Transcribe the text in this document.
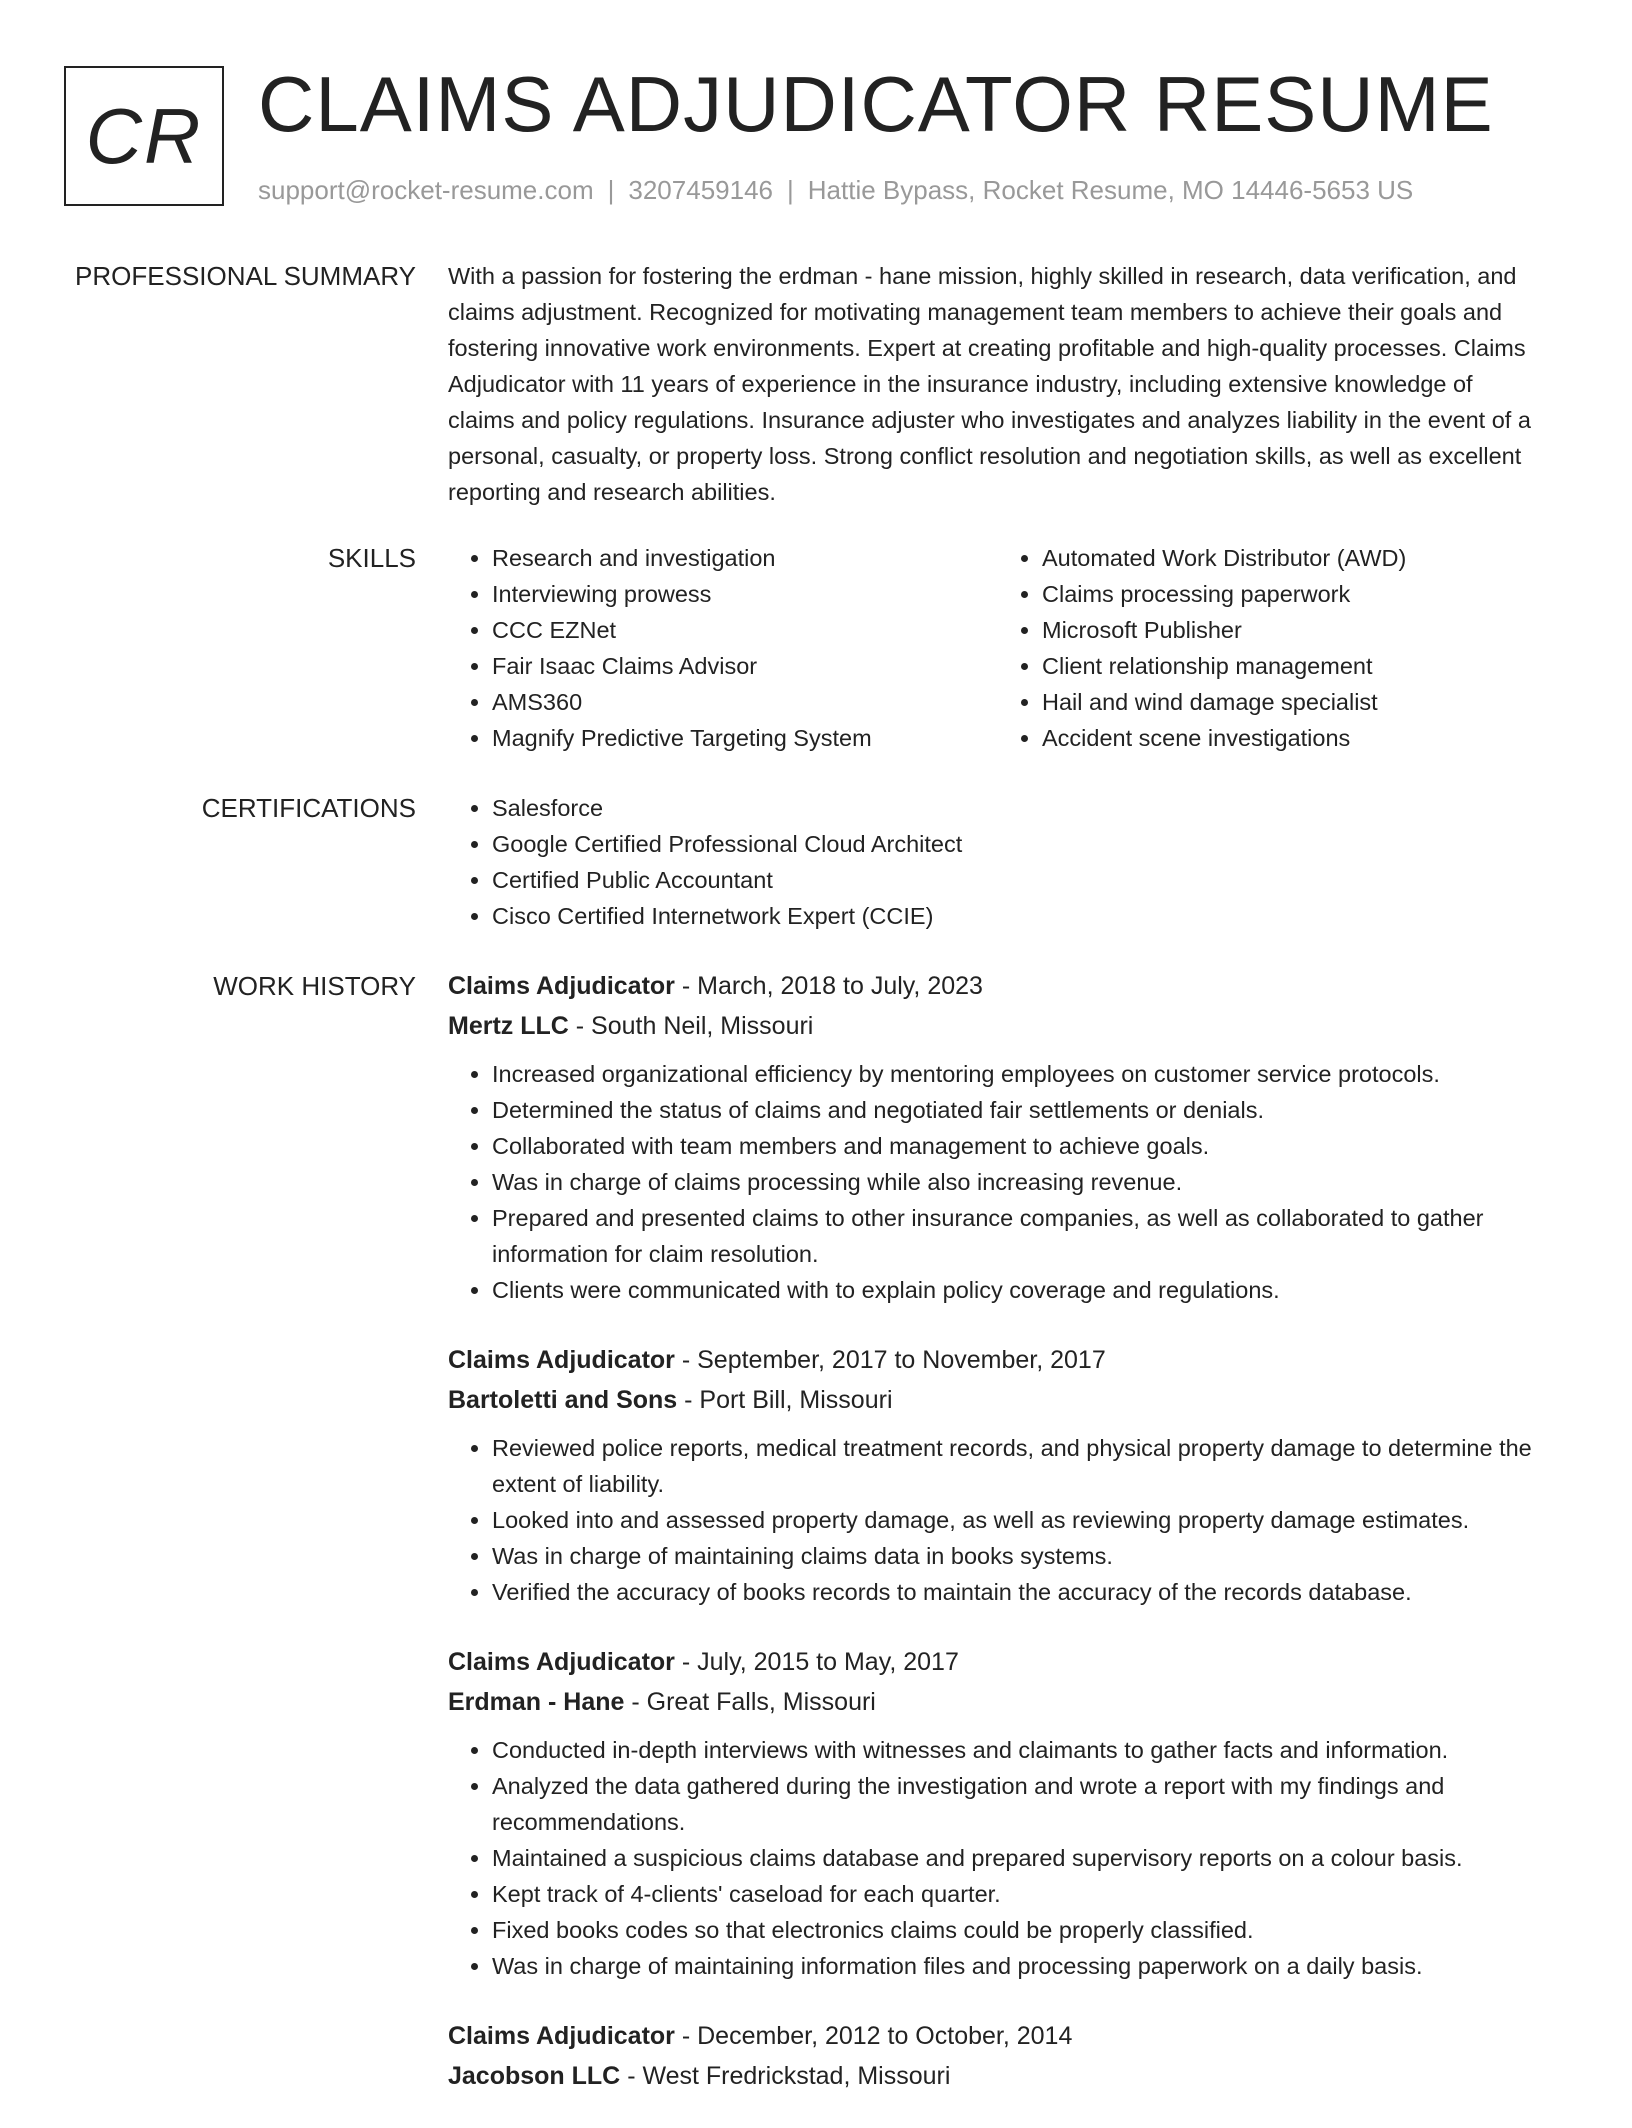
CR CLAIMS ADJUDICATOR RESUME
support@rocket-resume.com | 3207459146 | Hattie Bypass, Rocket Resume, MO 14446-5653 US
PROFESSIONAL SUMMARY With a passion for fostering the erdman - hane mission, highly skilled in research, data verification, and claims adjustment. Recognized for motivating management team members to achieve their goals and fostering innovative work environments. Expert at creating profitable and high-quality processes. Claims Adjudicator with 11 years of experience in the insurance industry, including extensive knowledge of claims and policy regulations. Insurance adjuster who investigates and analyzes liability in the event of a personal, casualty, or property loss. Strong conflict resolution and negotiation skills, as well as excellent reporting and research abilities.
SKILLS	• Research and investigation
• Interviewing prowess
• CCC EZNet
• Fair Isaac Claims Advisor
• AMS360
• Magnify Predictive Targeting System
• Automated Work Distributor (AWD)
• Claims processing paperwork
• Microsoft Publisher
• Client relationship management
• Hail and wind damage specialist
• Accident scene investigations
CERTIFICATIONS	• Salesforce
• Google Certified Professional Cloud Architect
• Certified Public Accountant
• Cisco Certified Internetwork Expert (CCIE)
WORK HISTORY Claims Adjudicator - March, 2018 to July, 2023
Mertz LLC - South Neil, Missouri
• Increased organizational efficiency by mentoring employees on customer service protocols.
• Determined the status of claims and negotiated fair settlements or denials.
• Collaborated with team members and management to achieve goals.
• Was in charge of claims processing while also increasing revenue.
• Prepared and presented claims to other insurance companies, as well as collaborated to gather information for claim resolution.
• Clients were communicated with to explain policy coverage and regulations.
Claims Adjudicator - September, 2017 to November, 2017
Bartoletti and Sons - Port Bill, Missouri
• Reviewed police reports, medical treatment records, and physical property damage to determine the extent of liability.
• Looked into and assessed property damage, as well as reviewing property damage estimates.
• Was in charge of maintaining claims data in books systems.
• Verified the accuracy of books records to maintain the accuracy of the records database.
Claims Adjudicator - July, 2015 to May, 2017
Erdman - Hane - Great Falls, Missouri
• Conducted in-depth interviews with witnesses and claimants to gather facts and information.
• Analyzed the data gathered during the investigation and wrote a report with my findings and recommendations.
• Maintained a suspicious claims database and prepared supervisory reports on a colour basis.
• Kept track of 4-clients' caseload for each quarter.
• Fixed books codes so that electronics claims could be properly classified.
• Was in charge of maintaining information files and processing paperwork on a daily basis.
Claims Adjudicator - December, 2012 to October, 2014
Jacobson LLC - West Fredrickstad, Missouri
